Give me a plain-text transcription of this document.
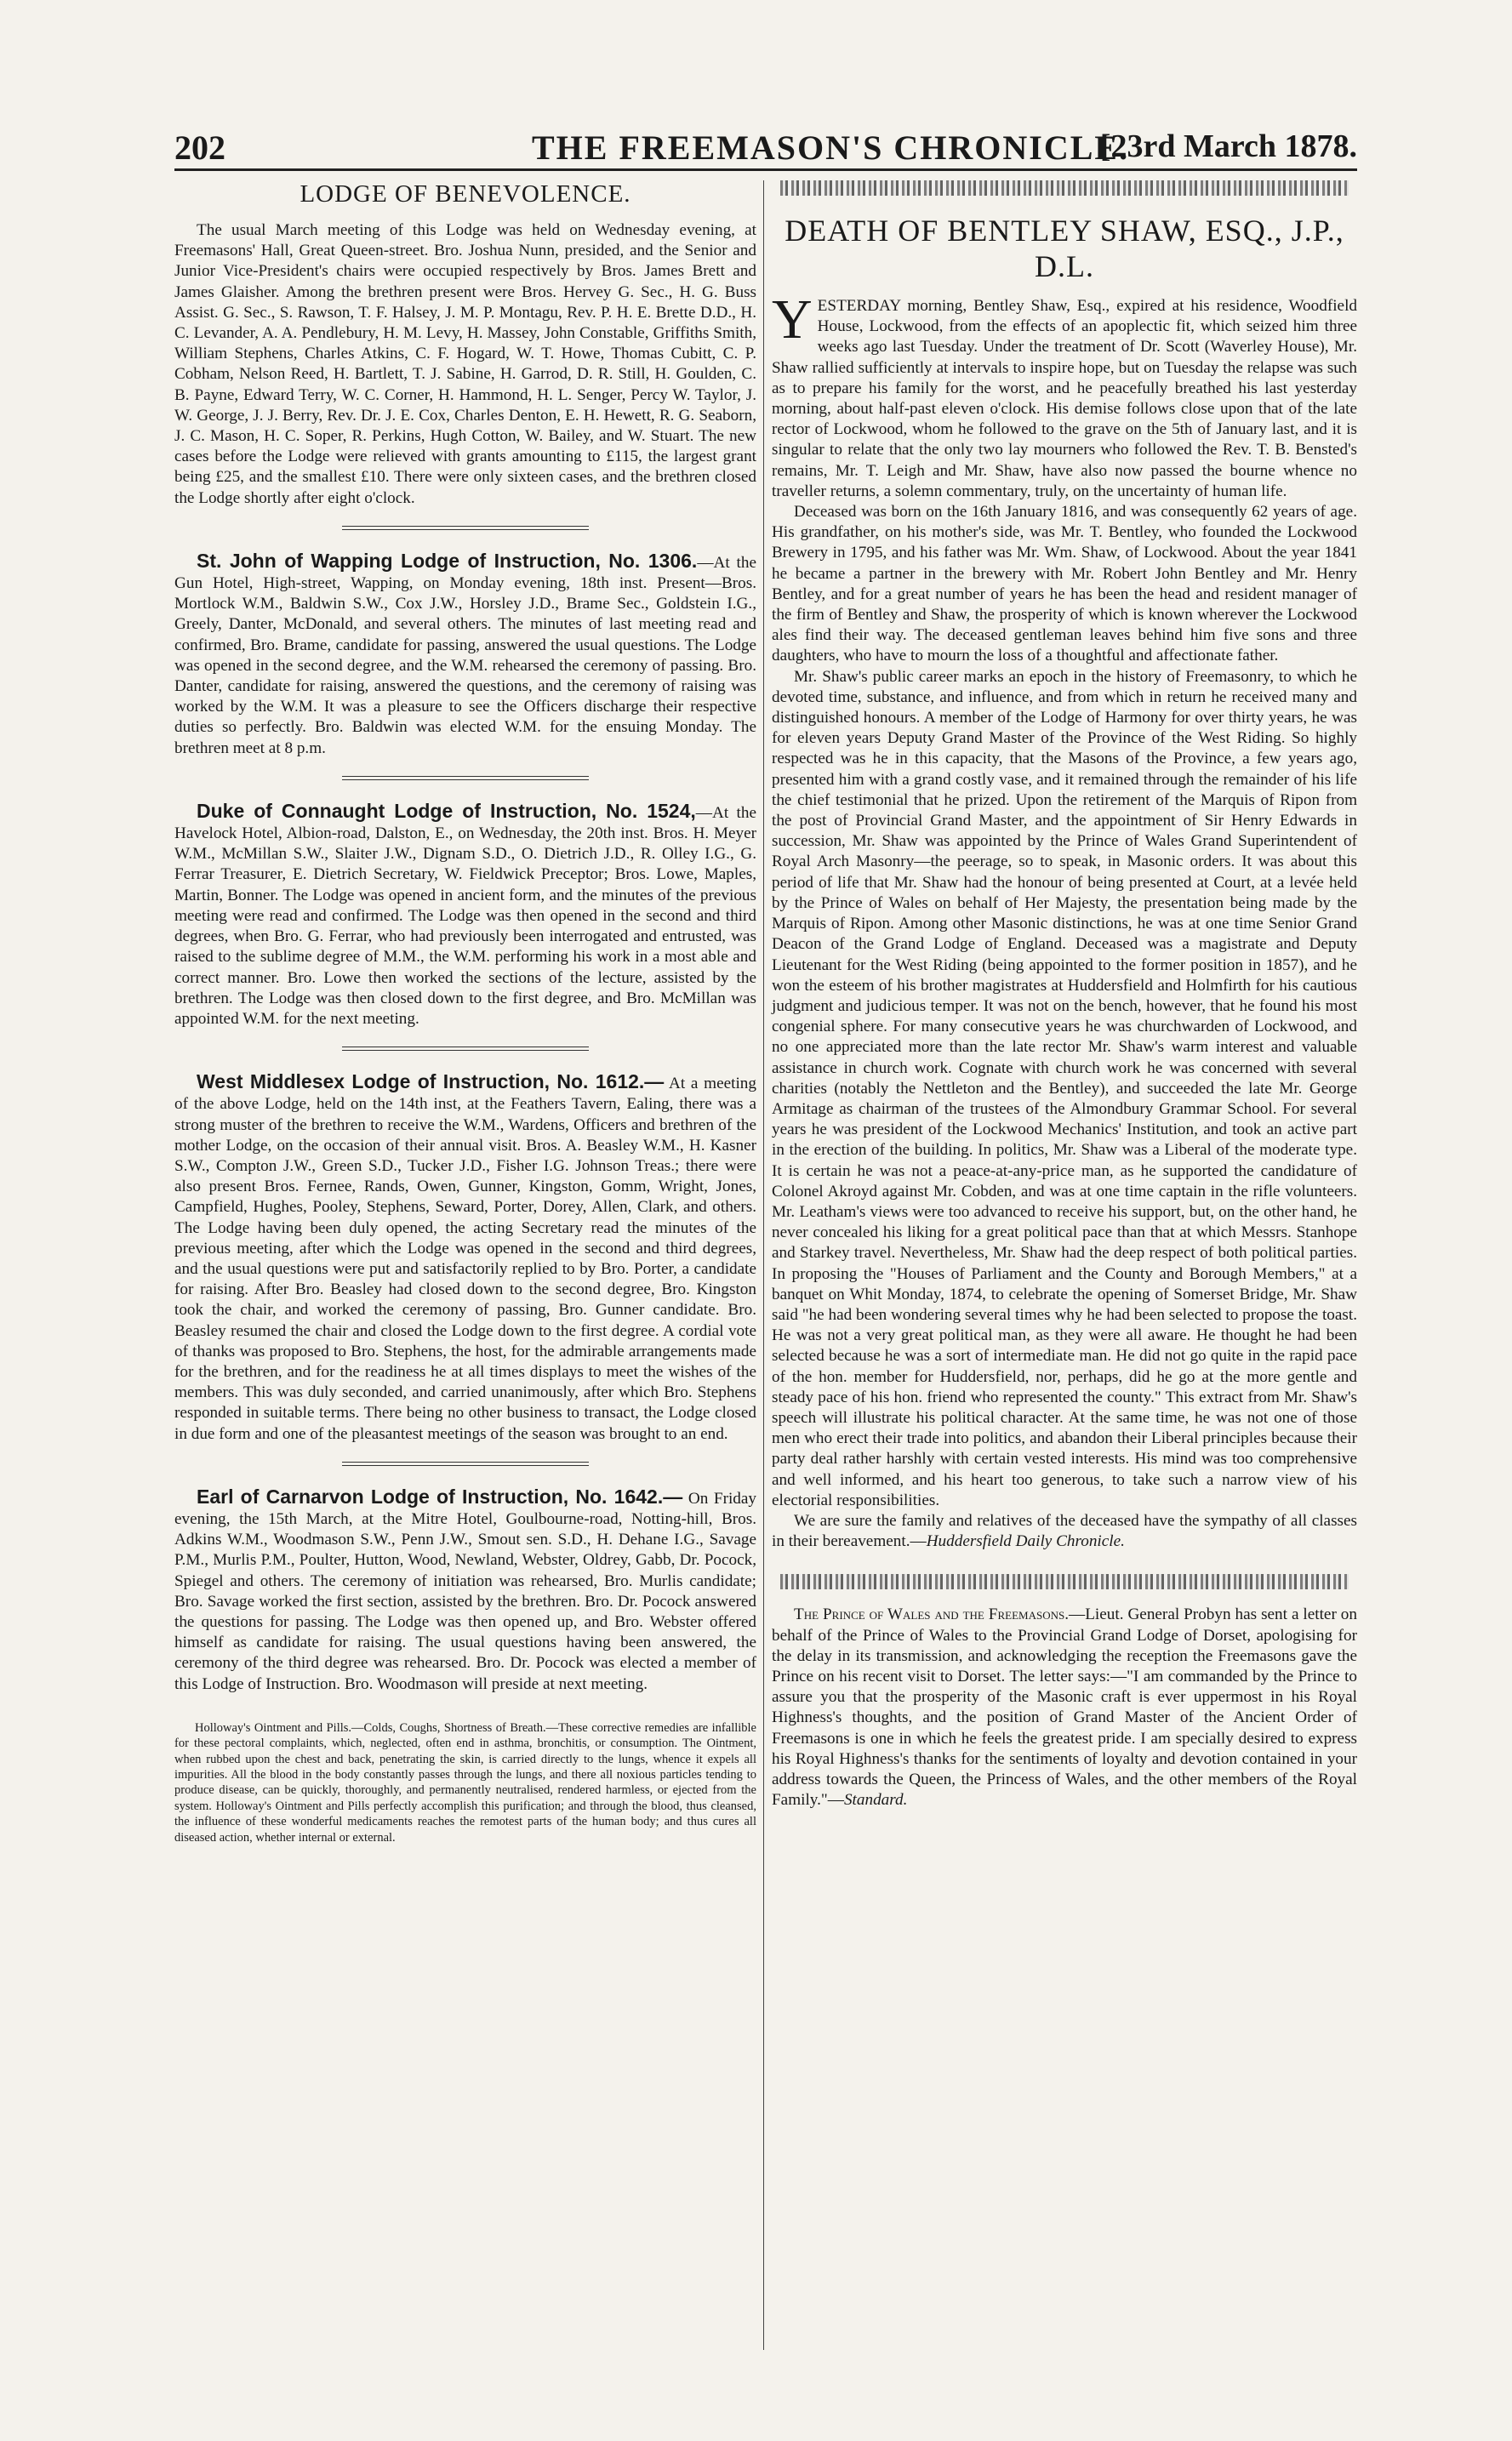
202	THE FREEMASON'S CHRONICLE.
[23rd March 1878.
LODGE OF BENEVOLENCE.

The usual March meeting of this Lodge was held on Wednesday evening, at Freemasons' Hall, Great Queen-street. Bro. Joshua Nunn, presided, and the Senior and Junior Vice-President's chairs were occupied respectively by Bros. James Brett and James Glaisher. Among the brethren present were Bros. Hervey G. Sec., H. G. Buss Assist. G. Sec., S. Rawson, T. F. Halsey, J. M. P. Montagu, Rev. P. H. E. Brette D.D., H. C. Levander, A. A. Pendlebury, H. M. Levy, H. Massey, John Constable, Griffiths Smith, William Stephens, Charles Atkins, C. F. Hogard, W. T. Howe, Thomas Cubitt, C. P. Cobham, Nelson Reed, H. Bartlett, T. J. Sabine, H. Garrod, D. R. Still, H. Goulden, C. B. Payne, Edward Terry, W. C. Corner, H. Hammond, H. L. Senger, Percy W. Taylor, J. W. George, J. J. Berry, Rev. Dr. J. E. Cox, Charles Denton, E. H. Hewett, R. G. Seaborn, J. C. Mason, H. C. Soper, R. Perkins, Hugh Cotton, W. Bailey, and W. Stuart. The new cases before the Lodge were relieved with grants amounting to £115, the largest grant being £25, and the smallest £10. There were only sixteen cases, and the brethren closed the Lodge shortly after eight o'clock.

St. John of Wapping Lodge of Instruction, No. 1306.—At the Gun Hotel, High-street, Wapping, on Monday evening, 18th inst. Present—Bros. Mortlock W.M., Baldwin S.W., Cox J.W., Horsley J.D., Brame Sec., Goldstein I.G., Greely, Danter, McDonald, and several others. The minutes of last meeting read and confirmed, Bro. Brame, candidate for passing, answered the usual questions. The Lodge was opened in the second degree, and the W.M. rehearsed the ceremony of passing. Bro. Danter, candidate for raising, answered the questions, and the ceremony of raising was worked by the W.M. It was a pleasure to see the Officers discharge their respective duties so perfectly. Bro. Baldwin was elected W.M. for the ensuing Monday. The brethren meet at 8 p.m.

Duke of Connaught Lodge of Instruction, No. 1524,—At the Havelock Hotel, Albion-road, Dalston, E., on Wednesday, the 20th inst. Bros. H. Meyer W.M., McMillan S.W., Slaiter J.W., Dignam S.D., O. Dietrich J.D., R. Olley I.G., G. Ferrar Treasurer, E. Dietrich Secretary, W. Fieldwick Preceptor; Bros. Lowe, Maples, Martin, Bonner. The Lodge was opened in ancient form, and the minutes of the previous meeting were read and confirmed. The Lodge was then opened in the second and third degrees, when Bro. G. Ferrar, who had previously been interrogated and entrusted, was raised to the sublime degree of M.M., the W.M. performing his work in a most able and correct manner. Bro. Lowe then worked the sections of the lecture, assisted by the brethren. The Lodge was then closed down to the first degree, and Bro. McMillan was appointed W.M. for the next meeting.

West Middlesex Lodge of Instruction, No. 1612.— At a meeting of the above Lodge, held on the 14th inst, at the Feathers Tavern, Ealing, there was a strong muster of the brethren to receive the W.M., Wardens, Officers and brethren of the mother Lodge, on the occasion of their annual visit. Bros. A. Beasley W.M., H. Kasner S.W., Compton J.W., Green S.D., Tucker J.D., Fisher I.G. Johnson Treas.; there were also present Bros. Fernee, Rands, Owen, Gunner, Kingston, Gomm, Wright, Jones, Campfield, Hughes, Pooley, Stephens, Seward, Porter, Dorey, Allen, Clark, and others. The Lodge having been duly opened, the acting Secretary read the minutes of the previous meeting, after which the Lodge was opened in the second and third degrees, and the usual questions were put and satisfactorily replied to by Bro. Porter, a candidate for raising. After Bro. Beasley had closed down to the second degree, Bro. Kingston took the chair, and worked the ceremony of passing, Bro. Gunner candidate. Bro. Beasley resumed the chair and closed the Lodge down to the first degree. A cordial vote of thanks was proposed to Bro. Stephens, the host, for the admirable arrangements made for the brethren, and for the readiness he at all times displays to meet the wishes of the members. This was duly seconded, and carried unanimously, after which Bro. Stephens responded in suitable terms. There being no other business to transact, the Lodge closed in due form and one of the pleasantest meetings of the season was brought to an end.

Earl of Carnarvon Lodge of Instruction, No. 1642.— On Friday evening, the 15th March, at the Mitre Hotel, Goulbourne-road, Notting-hill, Bros. Adkins W.M., Woodmason S.W., Penn J.W., Smout sen. S.D., H. Dehane I.G., Savage P.M., Murlis P.M., Poulter, Hutton, Wood, Newland, Webster, Oldrey, Gabb, Dr. Pocock, Spiegel and others. The ceremony of initiation was rehearsed, Bro. Murlis candidate; Bro. Savage worked the first section, assisted by the brethren. Bro. Dr. Pocock answered the questions for passing. The Lodge was then opened up, and Bro. Webster offered himself as candidate for raising. The usual questions having been answered, the ceremony of the third degree was rehearsed. Bro. Dr. Pocock was elected a member of this Lodge of Instruction. Bro. Woodmason will preside at next meeting.

Holloway's Ointment and Pills.—Colds, Coughs, Shortness of Breath.—These corrective remedies are infallible for these pectoral complaints, which, neglected, often end in asthma, bronchitis, or consumption. The Ointment, when rubbed upon the chest and back, penetrating the skin, is carried directly to the lungs, whence it expels all impurities. All the blood in the body constantly passes through the lungs, and there all noxious particles tending to produce disease, can be quickly, thoroughly, and permanently neutralised, rendered harmless, or ejected from the system. Holloway's Ointment and Pills perfectly accomplish this purification; and through the blood, thus cleansed, the influence of these wonderful medicaments reaches the remotest parts of the human body; and thus cures all diseased action, whether internal or external.

DEATH OF BENTLEY SHAW, ESQ., J.P., D.L.

YESTERDAY morning, Bentley Shaw, Esq., expired at his residence, Woodfield House, Lockwood, from the effects of an apoplectic fit, which seized him three weeks ago last Tuesday. Under the treatment of Dr. Scott (Waverley House), Mr. Shaw rallied sufficiently at intervals to inspire hope, but on Tuesday the relapse was such as to prepare his family for the worst, and he peacefully breathed his last yesterday morning, about half-past eleven o'clock. His demise follows close upon that of the late rector of Lockwood, whom he followed to the grave on the 5th of January last, and it is singular to relate that the only two lay mourners who followed the Rev. T. B. Bensted's remains, Mr. T. Leigh and Mr. Shaw, have also now passed the bourne whence no traveller returns, a solemn commentary, truly, on the uncertainty of human life.

Deceased was born on the 16th January 1816, and was consequently 62 years of age. His grandfather, on his mother's side, was Mr. T. Bentley, who founded the Lockwood Brewery in 1795, and his father was Mr. Wm. Shaw, of Lockwood. About the year 1841 he became a partner in the brewery with Mr. Robert John Bentley and Mr. Henry Bentley, and for a great number of years he has been the head and resident manager of the firm of Bentley and Shaw, the prosperity of which is known wherever the Lockwood ales find their way. The deceased gentleman leaves behind him five sons and three daughters, who have to mourn the loss of a thoughtful and affectionate father.

Mr. Shaw's public career marks an epoch in the history of Freemasonry, to which he devoted time, substance, and influence, and from which in return he received many and distinguished honours. A member of the Lodge of Harmony for over thirty years, he was for eleven years Deputy Grand Master of the Province of the West Riding. So highly respected was he in this capacity, that the Masons of the Province, a few years ago, presented him with a grand costly vase, and it remained through the remainder of his life the chief testimonial that he prized. Upon the retirement of the Marquis of Ripon from the post of Provincial Grand Master, and the appointment of Sir Henry Edwards in succession, Mr. Shaw was appointed by the Prince of Wales Grand Superintendent of Royal Arch Masonry—the peerage, so to speak, in Masonic orders. It was about this period of life that Mr. Shaw had the honour of being presented at Court, at a levée held by the Prince of Wales on behalf of Her Majesty, the presentation being made by the Marquis of Ripon. Among other Masonic distinctions, he was at one time Senior Grand Deacon of the Grand Lodge of England. Deceased was a magistrate and Deputy Lieutenant for the West Riding (being appointed to the former position in 1857), and he won the esteem of his brother magistrates at Huddersfield and Holmfirth for his cautious judgment and judicious temper. It was not on the bench, however, that he found his most congenial sphere. For many consecutive years he was churchwarden of Lockwood, and no one appreciated more than the late rector Mr. Shaw's warm interest and valuable assistance in church work. Cognate with church work he was concerned with several charities (notably the Nettleton and the Bentley), and succeeded the late Mr. George Armitage as chairman of the trustees of the Almondbury Grammar School. For several years he was president of the Lockwood Mechanics' Institution, and took an active part in the erection of the building. In politics, Mr. Shaw was a Liberal of the moderate type. It is certain he was not a peace-at-any-price man, as he supported the candidature of Colonel Akroyd against Mr. Cobden, and was at one time captain in the rifle volunteers. Mr. Leatham's views were too advanced to receive his support, but, on the other hand, he never concealed his liking for a great political pace than that at which Messrs. Stanhope and Starkey travel. Nevertheless, Mr. Shaw had the deep respect of both political parties. In proposing the "Houses of Parliament and the County and Borough Members," at a banquet on Whit Monday, 1874, to celebrate the opening of Somerset Bridge, Mr. Shaw said "he had been wondering several times why he had been selected to propose the toast. He was not a very great political man, as they were all aware. He thought he had been selected because he was a sort of intermediate man. He did not go quite in the rapid pace of the hon. member for Huddersfield, nor, perhaps, did he go at the more gentle and steady pace of his hon. friend who represented the county." This extract from Mr. Shaw's speech will illustrate his political character. At the same time, he was not one of those men who erect their trade into politics, and abandon their Liberal principles because their party deal rather harshly with certain vested interests. His mind was too comprehensive and well informed, and his heart too generous, to take such a narrow view of his electorial responsibilities.

We are sure the family and relatives of the deceased have the sympathy of all classes in their bereavement.—Huddersfield Daily Chronicle.

The Prince of Wales and the Freemasons.—Lieut. General Probyn has sent a letter on behalf of the Prince of Wales to the Provincial Grand Lodge of Dorset, apologising for the delay in its transmission, and acknowledging the reception the Freemasons gave the Prince on his recent visit to Dorset. The letter says:—"I am commanded by the Prince to assure you that the prosperity of the Masonic craft is ever uppermost in his Royal Highness's thoughts, and the position of Grand Master of the Ancient Order of Freemasons is one in which he feels the greatest pride. I am specially desired to express his Royal Highness's thanks for the sentiments of loyalty and devotion contained in your address towards the Queen, the Princess of Wales, and the other members of the Royal Family."—Standard.
